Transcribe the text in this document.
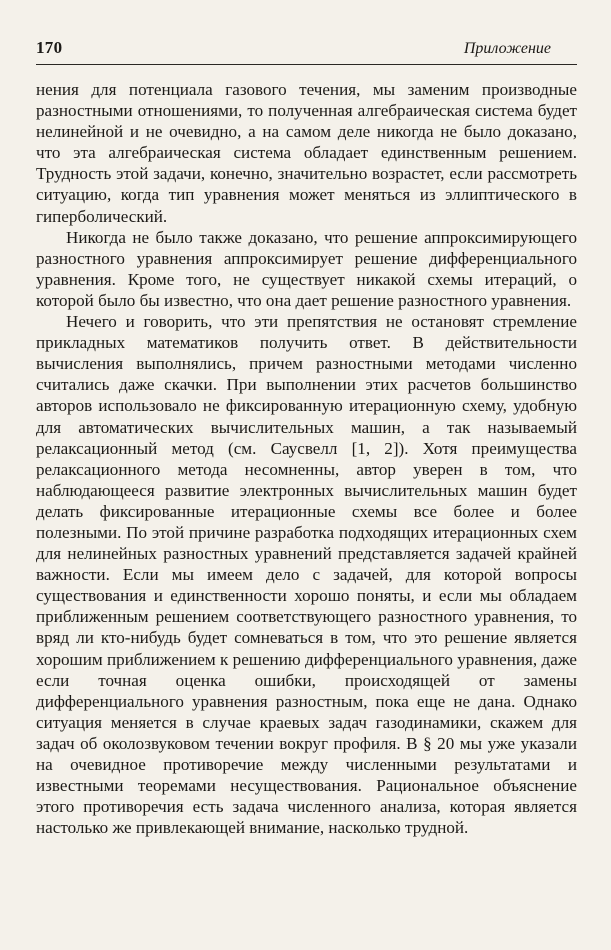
170	Приложение

нения для потенциала газового течения, мы заменим производные разностными отношениями, то полученная алгебраическая система будет нелинейной и не очевидно, а на самом деле никогда не было доказано, что эта алгебраическая система обладает единственным решением. Трудность этой задачи, конечно, значительно возрастет, если рассмотреть ситуацию, когда тип уравнения может меняться из эллиптического в гиперболический.

Никогда не было также доказано, что решение аппроксимирующего разностного уравнения аппроксимирует решение дифференциального уравнения. Кроме того, не существует никакой схемы итераций, о которой было бы известно, что она дает решение разностного уравнения.

Нечего и говорить, что эти препятствия не остановят стремление прикладных математиков получить ответ. В действительности вычисления выполнялись, причем разностными методами численно считались даже скачки. При выполнении этих расчетов большинство авторов использовало не фиксированную итерационную схему, удобную для автоматических вычислительных машин, а так называемый релаксационный метод (см. Саусвелл [1, 2]). Хотя преимущества релаксационного метода несомненны, автор уверен в том, что наблюдающееся развитие электронных вычислительных машин будет делать фиксированные итерационные схемы все более и более полезными. По этой причине разработка подходящих итерационных схем для нелинейных разностных уравнений представляется задачей крайней важности. Если мы имеем дело с задачей, для которой вопросы существования и единственности хорошо поняты, и если мы обладаем приближенным решением соответствующего разностного уравнения, то вряд ли кто-нибудь будет сомневаться в том, что это решение является хорошим приближением к решению дифференциального уравнения, даже если точная оценка ошибки, происходящей от замены дифференциального уравнения разностным, пока еще не дана. Однако ситуация меняется в случае краевых задач газодинамики, скажем для задач об околозвуковом течении вокруг профиля. В § 20 мы уже указали на очевидное противоречие между численными результатами и известными теоремами несуществования. Рациональное объяснение этого противоречия есть задача численного анализа, которая является настолько же привлекающей внимание, насколько трудной.
